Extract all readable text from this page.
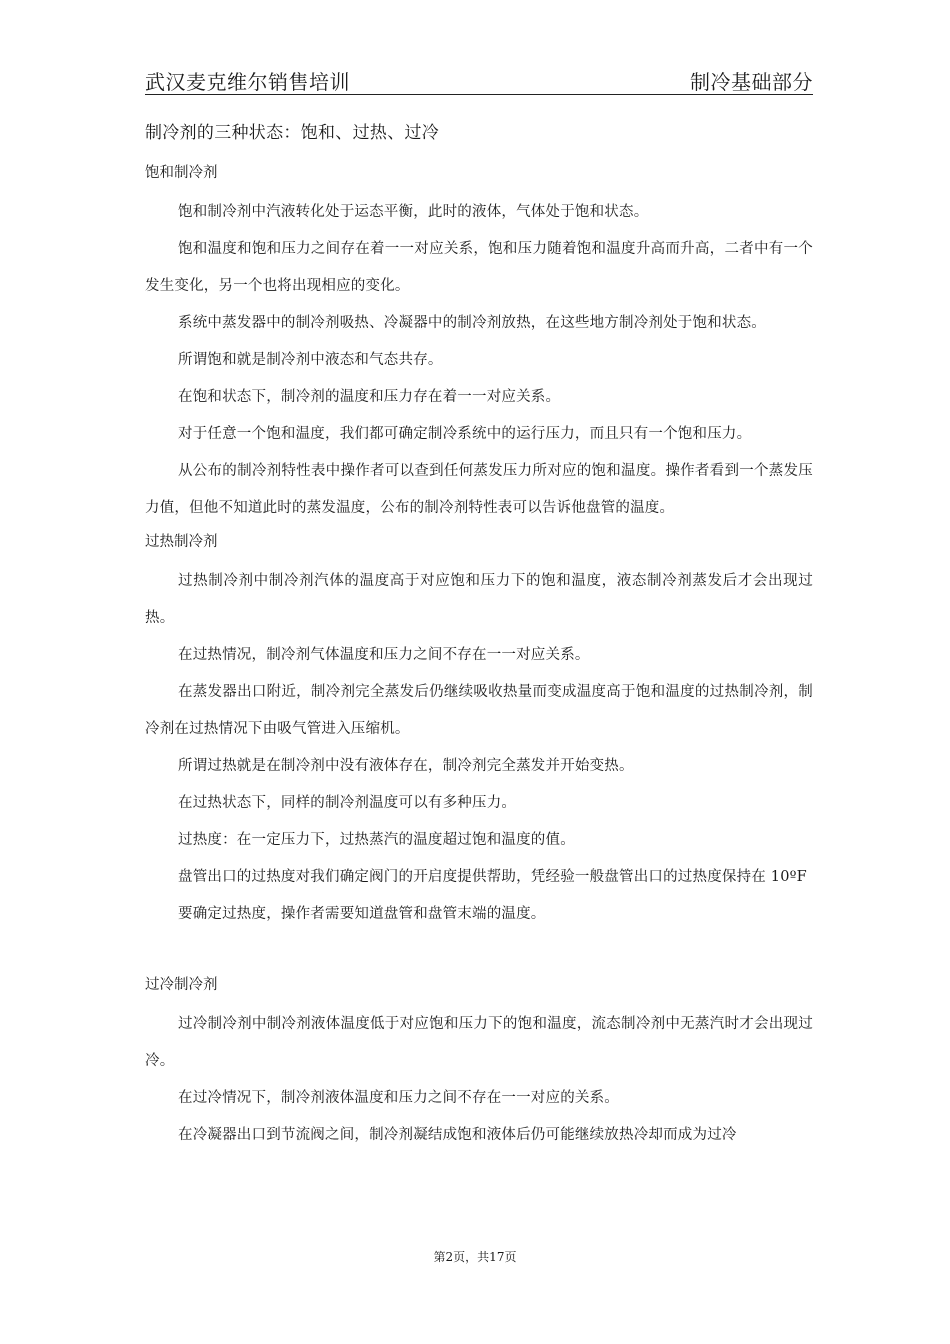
武汉麦克维尔销售培训	制冷基础部分
制冷剂的三种状态：饱和、过热、过冷
饱和制冷剂

饱和制冷剂中汽液转化处于运态平衡，此时的液体，气体处于饱和状态。

饱和温度和饱和压力之间存在着一一对应关系，饱和压力随着饱和温度升高而升高，二者中有一个发生变化，另一个也将出现相应的变化。

系统中蒸发器中的制冷剂吸热、冷凝器中的制冷剂放热，在这些地方制冷剂处于饱和状态。

所谓饱和就是制冷剂中液态和气态共存。

在饱和状态下，制冷剂的温度和压力存在着一一对应关系。

对于任意一个饱和温度，我们都可确定制冷系统中的运行压力，而且只有一个饱和压力。

从公布的制冷剂特性表中操作者可以查到任何蒸发压力所对应的饱和温度。操作者看到一个蒸发压力值，但他不知道此时的蒸发温度，公布的制冷剂特性表可以告诉他盘管的温度。

过热制冷剂

过热制冷剂中制冷剂汽体的温度高于对应饱和压力下的饱和温度，液态制冷剂蒸发后才会出现过热。

在过热情况，制冷剂气体温度和压力之间不存在一一对应关系。

在蒸发器出口附近，制冷剂完全蒸发后仍继续吸收热量而变成温度高于饱和温度的过热制冷剂，制冷剂在过热情况下由吸气管进入压缩机。

所谓过热就是在制冷剂中没有液体存在，制冷剂完全蒸发并开始变热。

在过热状态下，同样的制冷剂温度可以有多种压力。

过热度：在一定压力下，过热蒸汽的温度超过饱和温度的值。

盘管出口的过热度对我们确定阀门的开启度提供帮助，凭经验一般盘管出口的过热度保持在 10ºF

要确定过热度，操作者需要知道盘管和盘管末端的温度。

过冷制冷剂

过冷制冷剂中制冷剂液体温度低于对应饱和压力下的饱和温度，流态制冷剂中无蒸汽时才会出现过冷。

在过冷情况下，制冷剂液体温度和压力之间不存在一一对应的关系。

在冷凝器出口到节流阀之间，制冷剂凝结成饱和液体后仍可能继续放热冷却而成为过冷

第2页，共17页
